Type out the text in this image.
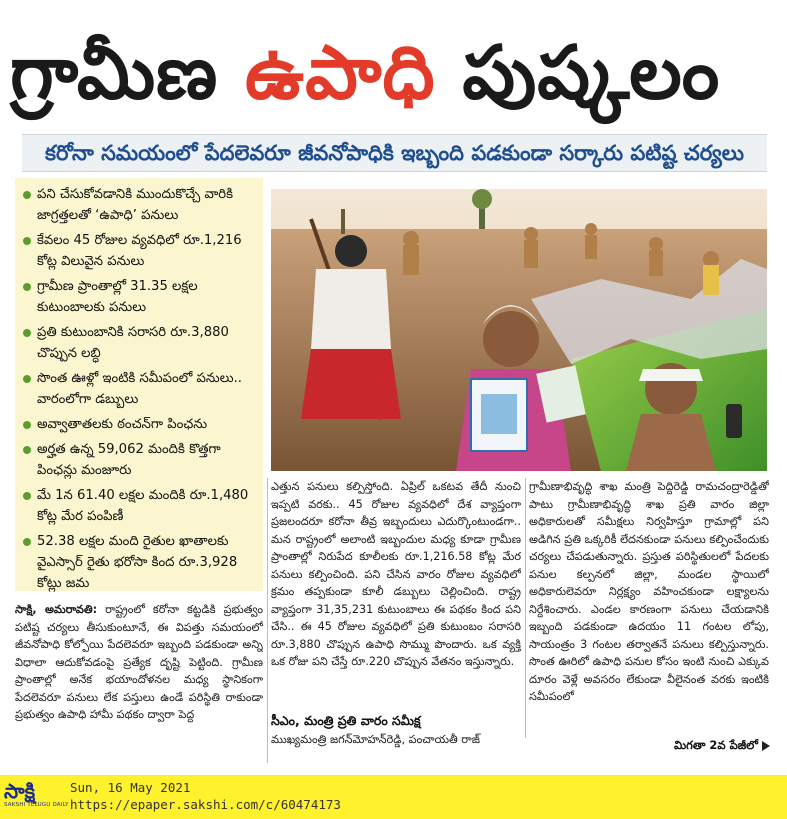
గ్రామీణ ఉపాధి పుష్కలం
కరోనా సమయంలో పేదలెవరూ జీవనోపాధికి ఇబ్బంది పడకుండా సర్కారు పటిష్ట చర్యలు
పని చేసుకోవడానికి ముందుకొచ్చే వారికి జాగ్రత్తలతో ‘ఉపాధి’ పనులు
కేవలం 45 రోజుల వ్యవధిలో రూ.1,216 కోట్ల విలువైన పనులు
గ్రామీణ ప్రాంతాల్లో 31.35 లక్షల కుటుంబాలకు పనులు
ప్రతి కుటుంబానికి సరాసరి రూ.3,880 చొప్పున లబ్ధి
సొంత ఊళ్లో ఇంటికి సమీపంలో పనులు.. వారంలోగా డబ్బులు
అవ్వాతాతలకు ఠంచన్‌గా పింఛను
అర్హత ఉన్న 59,062 మందికి కొత్తగా పింఛన్లు మంజూరు
మే 1న 61.40 లక్షల మందికి రూ.1,480 కోట్ల మేర పంపిణీ
52.38 లక్షల మంది రైతుల ఖాతాలకు వైఎస్సార్ రైతు భరోసా కింద రూ.3,928 కోట్లు జమ
సాక్షి, అమరావతి: రాష్ట్రంలో కరోనా కట్టడికి ప్రభుత్వం పటిష్ట చర్యలు తీసుకుంటూనే, ఈ విపత్తు సమయంలో జీవనోపాధి కోల్పోయి పేదలెవరూ ఇబ్బంది పడకుండా అన్ని విధాలా ఆదుకోవడంపై ప్రత్యేక దృష్టి పెట్టింది. గ్రామీణ ప్రాంతాల్లో అనేక భయాందోళనల మధ్య స్థానికంగా పేదలెవరూ పనులు లేక పస్తులు ఉండే పరిస్థితి రాకుండా ప్రభుత్వం ఉపాధి హామీ పథకం ద్వారా పెద్ద
ఎత్తున పనులు కల్పిస్తోంది. ఏప్రిల్ ఒకటవ తేదీ నుంచి ఇప్పటి వరకు.. 45 రోజుల వ్యవధిలో దేశ వ్యాప్తంగా ప్రజలందరూ కరోనా తీవ్ర ఇబ్బందులు ఎదుర్కొంటుండగా.. మన రాష్ట్రంలో అలాంటి ఇబ్బందుల మధ్య కూడా గ్రామీణ ప్రాంతాల్లో నిరుపేద కూలీలకు రూ.1,216.58 కోట్ల మేర పనులు కల్పించింది. పని చేసిన వారం రోజుల వ్యవధిలో క్రమం తప్పకుండా కూలీ డబ్బులు చెల్లించింది. రాష్ట్ర వ్యాప్తంగా 31,35,231 కుటుంబాలు ఈ పథకం కింద పని చేసి.. ఈ 45 రోజుల వ్యవధిలో ప్రతి కుటుంబం సరాసరి రూ.3,880 చొప్పున ఉపాధి సొమ్ము పొందారు. ఒక వ్యక్తి ఒక రోజు పని చేస్తే రూ.220 చొప్పున వేతనం ఇస్తున్నారు.
సీఎం, మంత్రి ప్రతి వారం సమీక్ష
ముఖ్యమంత్రి జగన్‌మోహన్‌రెడ్డి, పంచాయతీ రాజ్
గ్రామీణాభివృద్ధి శాఖ మంత్రి పెద్దిరెడ్డి రామచంద్రారెడ్డితో పాటు గ్రామీణాభివృద్ధి శాఖ ప్రతి వారం జిల్లా అధికారులతో సమీక్షలు నిర్వహిస్తూ గ్రామాల్లో పని అడిగిన ప్రతి ఒక్కరికీ లేదనకుండా పనులు కల్పించేందుకు చర్యలు చేపడుతున్నారు. ప్రస్తుత పరిస్థితులలో పేదలకు పనుల కల్పనలో జిల్లా, మండల స్థాయిలో అధికారులెవరూ నిర్లక్ష్యం వహించకుండా లక్ష్యాలను నిర్దేశించారు. ఎండల కారణంగా పనులు చేయడానికి ఇబ్బంది పడకుండా ఉదయం 11 గంటల లోపు, సాయంత్రం 3 గంటల తర్వాతనే పనులు కల్పిస్తున్నారు. సొంత ఊరిలో ఉపాధి పనుల కోసం ఇంటి నుంచి ఎక్కువ దూరం వెళ్లే అవసరం లేకుండా వీలైనంత వరకు ఇంటికి సమీపంలో
మిగతా 2వ పేజీలో
సాక్షి
SAKSHI TELUGU DAILY
Sun, 16 May 2021
https://epaper.sakshi.com/c/60474173
